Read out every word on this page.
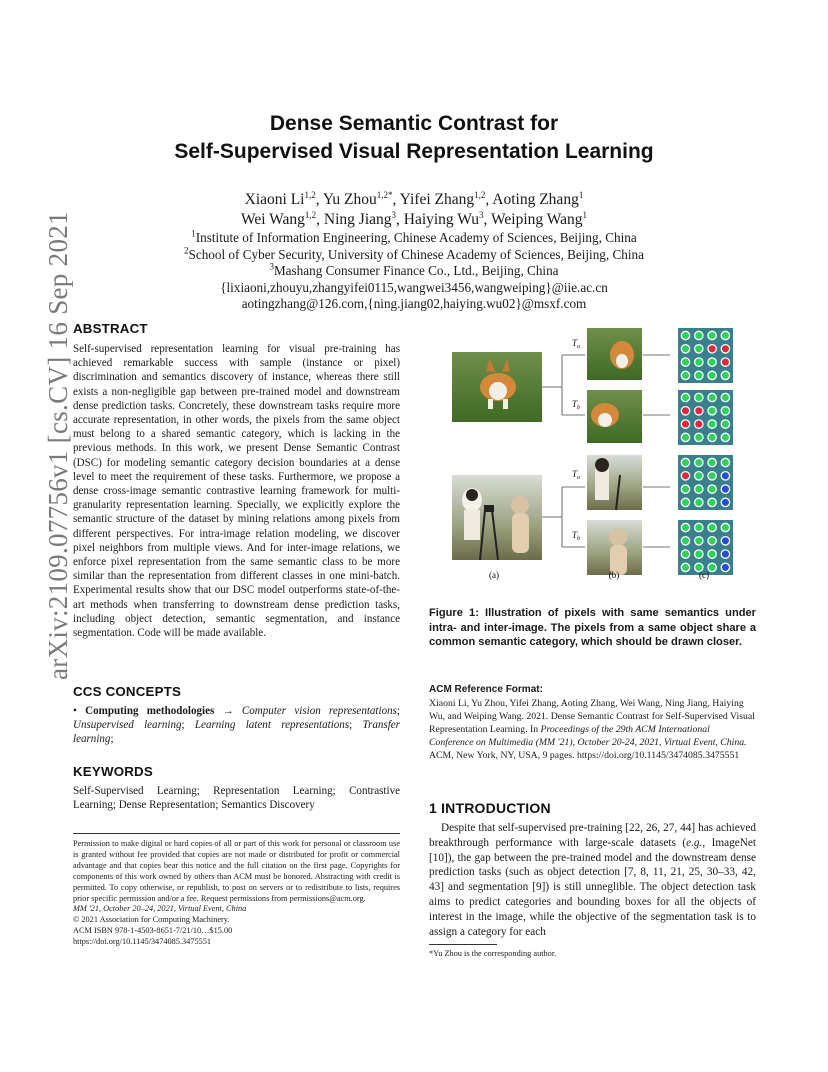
arXiv:2109.07756v1 [cs.CV] 16 Sep 2021
Dense Semantic Contrast for
Self-Supervised Visual Representation Learning
Xiaoni Li$^{1,2}$, Yu Zhou$^{1,2*}$, Yifei Zhang$^{1,2}$, Aoting Zhang$^1$
Wei Wang$^{1,2}$, Ning Jiang$^3$, Haiying Wu$^3$, Weiping Wang$^1$
$^1$Institute of Information Engineering, Chinese Academy of Sciences, Beijing, China
$^2$School of Cyber Security, University of Chinese Academy of Sciences, Beijing, China
$^3$Mashang Consumer Finance Co., Ltd., Beijing, China
{lixiaoni,zhouyu,zhangyifei0115,wangwei3456,wangweiping}@iie.ac.cn
aotingzhang@126.com,{ning.jiang02,haiying.wu02}@msxf.com
ABSTRACT
Self-supervised representation learning for visual pre-training has achieved remarkable success with sample (instance or pixel) discrimination and semantics discovery of instance, whereas there still exists a non-negligible gap between pre-trained model and downstream dense prediction tasks. Concretely, these downstream tasks require more accurate representation, in other words, the pixels from the same object must belong to a shared semantic category, which is lacking in the previous methods. In this work, we present Dense Semantic Contrast (DSC) for modeling semantic category decision boundaries at a dense level to meet the requirement of these tasks. Furthermore, we propose a dense cross-image semantic contrastive learning framework for multi-granularity representation learning. Specially, we explicitly explore the semantic structure of the dataset by mining relations among pixels from different perspectives. For intra-image relation modeling, we discover pixel neighbors from multiple views. And for inter-image relations, we enforce pixel representation from the same semantic class to be more similar than the representation from different classes in one mini-batch. Experimental results show that our DSC model outperforms state-of-the-art methods when transferring to downstream dense prediction tasks, including object detection, semantic segmentation, and instance segmentation. Code will be made available.
CCS CONCEPTS
• Computing methodologies → Computer vision representations; Unsupervised learning; Learning latent representations; Transfer learning;
KEYWORDS
Self-Supervised Learning; Representation Learning; Contrastive Learning; Dense Representation; Semantics Discovery
Permission to make digital or hard copies of all or part of this work for personal or classroom use is granted without fee provided that copies are not made or distributed for profit or commercial advantage and that copies bear this notice and the full citation on the first page. Copyrights for components of this work owned by others than ACM must be honored. Abstracting with credit is permitted. To copy otherwise, or republish, to post on servers or to redistribute to lists, requires prior specific permission and/or a fee. Request permissions from permissions@acm.org.
MM '21, October 20–24, 2021, Virtual Event, China
© 2021 Association for Computing Machinery.
ACM ISBN 978-1-4503-8651-7/21/10…$15.00
https://doi.org/10.1145/3474085.3475551
$T_a$
$T_b$
$T_a$
$T_b$
(a)	(b)	(c)
Figure 1: Illustration of pixels with same semantics under intra- and inter-image. The pixels from a same object share a common semantic category, which should be drawn closer.
ACM Reference Format:
Xiaoni Li, Yu Zhou, Yifei Zhang, Aoting Zhang, Wei Wang, Ning Jiang, Haiying Wu, and Weiping Wang. 2021. Dense Semantic Contrast for Self-Supervised Visual Representation Learning. In Proceedings of the 29th ACM International Conference on Multimedia (MM '21), October 20-24, 2021, Virtual Event, China. ACM, New York, NY, USA, 9 pages. https://doi.org/10.1145/3474085.3475551
1 INTRODUCTION
Despite that self-supervised pre-training [22, 26, 27, 44] has achieved breakthrough performance with large-scale datasets (e.g., ImageNet [10]), the gap between the pre-trained model and the downstream dense prediction tasks (such as object detection [7, 8, 11, 21, 25, 30–33, 42, 43] and segmentation [9]) is still unneglible. The object detection task aims to predict categories and bounding boxes for all the objects of interest in the image, while the objective of the segmentation task is to assign a category for each
*Yu Zhou is the corresponding author.
